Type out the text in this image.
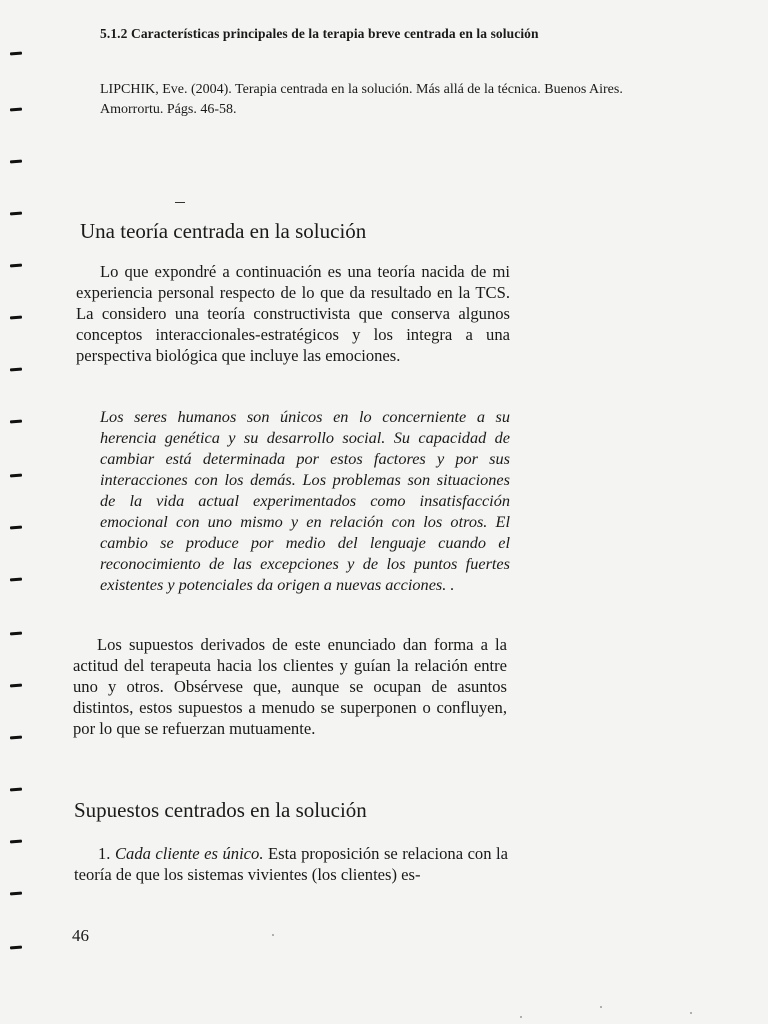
5.1.2 Características principales de la terapia breve centrada en la solución
LIPCHIK, Eve. (2004). Terapia centrada en la solución. Más allá de la técnica. Buenos Aires. Amorrortu. Págs. 46-58.
Una teoría centrada en la solución

Lo que expondré a continuación es una teoría nacida de mi experiencia personal respecto de lo que da resultado en la TCS. La considero una teoría constructivista que conserva algunos conceptos interaccionales-estratégicos y los integra a una perspectiva biológica que incluye las emociones.

Los seres humanos son únicos en lo concerniente a su herencia genética y su desarrollo social. Su capacidad de cambiar está determinada por estos factores y por sus interacciones con los demás. Los problemas son situaciones de la vida actual experimentados como insatisfacción emocional con uno mismo y en relación con los otros. El cambio se produce por medio del lenguaje cuando el reconocimiento de las excepciones y de los puntos fuertes existentes y potenciales da origen a nuevas acciones. .

Los supuestos derivados de este enunciado dan forma a la actitud del terapeuta hacia los clientes y guían la relación entre uno y otros. Obsérvese que, aunque se ocupan de asuntos distintos, estos supuestos a menudo se superponen o confluyen, por lo que se refuerzan mutuamente.

Supuestos centrados en la solución

1. Cada cliente es único. Esta proposición se relaciona con la teoría de que los sistemas vivientes (los clientes) es-

46
